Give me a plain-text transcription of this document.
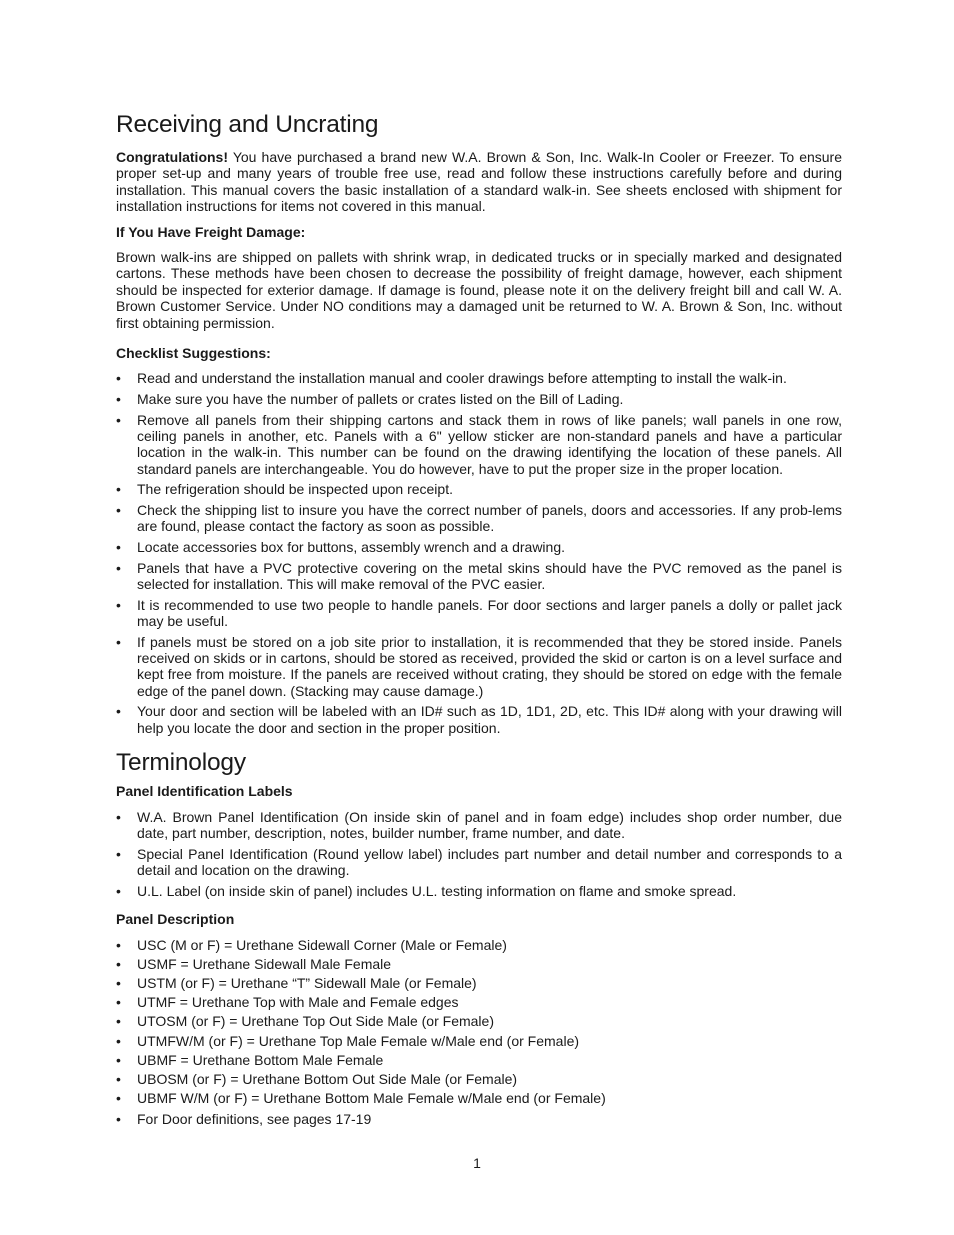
Receiving and Uncrating

Congratulations! You have purchased a brand new W.A. Brown & Son, Inc. Walk-In Cooler or Freezer. To ensure proper set-up and many years of trouble free use, read and follow these instructions carefully before and during installation. This manual covers the basic installation of a standard walk-in. See sheets enclosed with shipment for installation instructions for items not covered in this manual.

If You Have Freight Damage:

Brown walk-ins are shipped on pallets with shrink wrap, in dedicated trucks or in specially marked and designated cartons. These methods have been chosen to decrease the possibility of freight damage, however, each shipment should be inspected for exterior damage. If damage is found, please note it on the delivery freight bill and call W. A. Brown Customer Service. Under NO conditions may a damaged unit be returned to W. A. Brown & Son, Inc. without first obtaining permission.

Checklist Suggestions:
• Read and understand the installation manual and cooler drawings before attempting to install the walk-in.
• Make sure you have the number of pallets or crates listed on the Bill of Lading.
• Remove all panels from their shipping cartons and stack them in rows of like panels; wall panels in one row, ceiling panels in another, etc. Panels with a 6" yellow sticker are non-standard panels and have a particular location in the walk-in. This number can be found on the drawing identifying the location of these panels. All standard panels are interchangeable. You do however, have to put the proper size in the proper location.
• The refrigeration should be inspected upon receipt.
• Check the shipping list to insure you have the correct number of panels, doors and accessories. If any prob-lems are found, please contact the factory as soon as possible.
• Locate accessories box for buttons, assembly wrench and a drawing.
• Panels that have a PVC protective covering on the metal skins should have the PVC removed as the panel is selected for installation. This will make removal of the PVC easier.
• It is recommended to use two people to handle panels. For door sections and larger panels a dolly or pallet jack may be useful.
• If panels must be stored on a job site prior to installation, it is recommended that they be stored inside. Panels received on skids or in cartons, should be stored as received, provided the skid or carton is on a level surface and kept free from moisture. If the panels are received without crating, they should be stored on edge with the female edge of the panel down. (Stacking may cause damage.)
• Your door and section will be labeled with an ID# such as 1D, 1D1, 2D, etc. This ID# along with your drawing will help you locate the door and section in the proper position.
Terminology
Panel Identification Labels
• W.A. Brown Panel Identification (On inside skin of panel and in foam edge) includes shop order number, due date, part number, description, notes, builder number, frame number, and date.
• Special Panel Identification (Round yellow label) includes part number and detail number and corresponds to a detail and location on the drawing.
• U.L. Label (on inside skin of panel) includes U.L. testing information on flame and smoke spread.
Panel Description
• USC (M or F) = Urethane Sidewall Corner (Male or Female)
• USMF = Urethane Sidewall Male Female
• USTM (or F) = Urethane “T” Sidewall Male (or Female)
• UTMF = Urethane Top with Male and Female edges
• UTOSM (or F) = Urethane Top Out Side Male (or Female)
• UTMFW/M (or F) = Urethane Top Male Female w/Male end (or Female)
• UBMF = Urethane Bottom Male Female
• UBOSM (or F) = Urethane Bottom Out Side Male (or Female)
• UBMF W/M (or F) = Urethane Bottom Male Female w/Male end (or Female)
• For Door definitions, see pages 17-19
1
